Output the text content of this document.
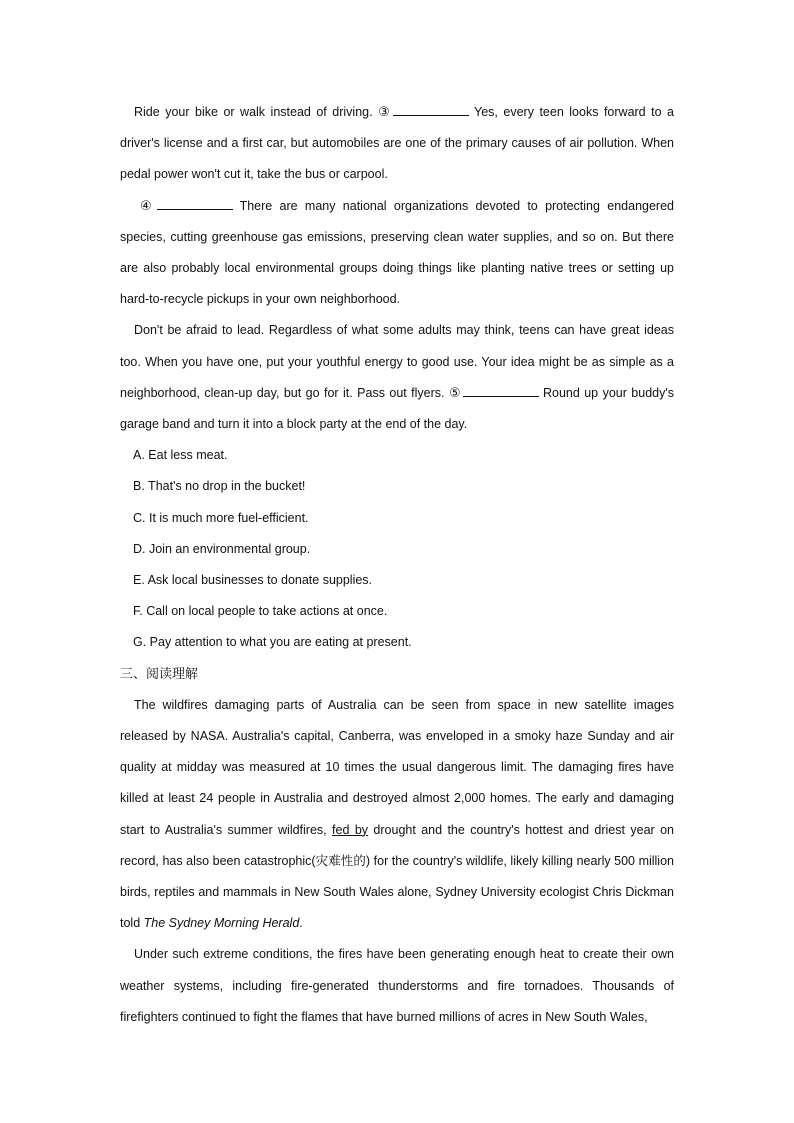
Ride your bike or walk instead of driving. ③	Yes, every teen looks forward to a driver's license and a first car, but automobiles are one of the primary causes of air pollution. When pedal power won't cut it, take the bus or carpool.

④	There are many national organizations devoted to protecting endangered species, cutting greenhouse gas emissions, preserving clean water supplies, and so on. But there are also probably local environmental groups doing things like planting native trees or setting up hard-to-recycle pickups in your own neighborhood.

Don't be afraid to lead. Regardless of what some adults may think, teens can have great ideas too. When you have one, put your youthful energy to good use. Your idea might be as simple as a neighborhood, clean-up day, but go for it. Pass out flyers. ⑤	Round up your buddy's garage band and turn it into a block party at the end of the day.

A. Eat less meat.

B. That's no drop in the bucket!

C. It is much more fuel-efficient.

D. Join an environmental group.

E. Ask local businesses to donate supplies.

F. Call on local people to take actions at once.

G. Pay attention to what you are eating at present.

三、阅读理解

The wildfires damaging parts of Australia can be seen from space in new satellite images released by NASA. Australia's capital, Canberra, was enveloped in a smoky haze Sunday and air quality at midday was measured at 10 times the usual dangerous limit. The damaging fires have killed at least 24 people in Australia and destroyed almost 2,000 homes. The early and damaging start to Australia's summer wildfires, fed by drought and the country's hottest and driest year on record, has also been catastrophic(灾难性的) for the country's wildlife, likely killing nearly 500 million birds, reptiles and mammals in New South Wales alone, Sydney University ecologist Chris Dickman told The Sydney Morning Herald.

Under such extreme conditions, the fires have been generating enough heat to create their own weather systems, including fire-generated thunderstorms and fire tornadoes. Thousands of firefighters continued to fight the flames that have burned millions of acres in New South Wales,
